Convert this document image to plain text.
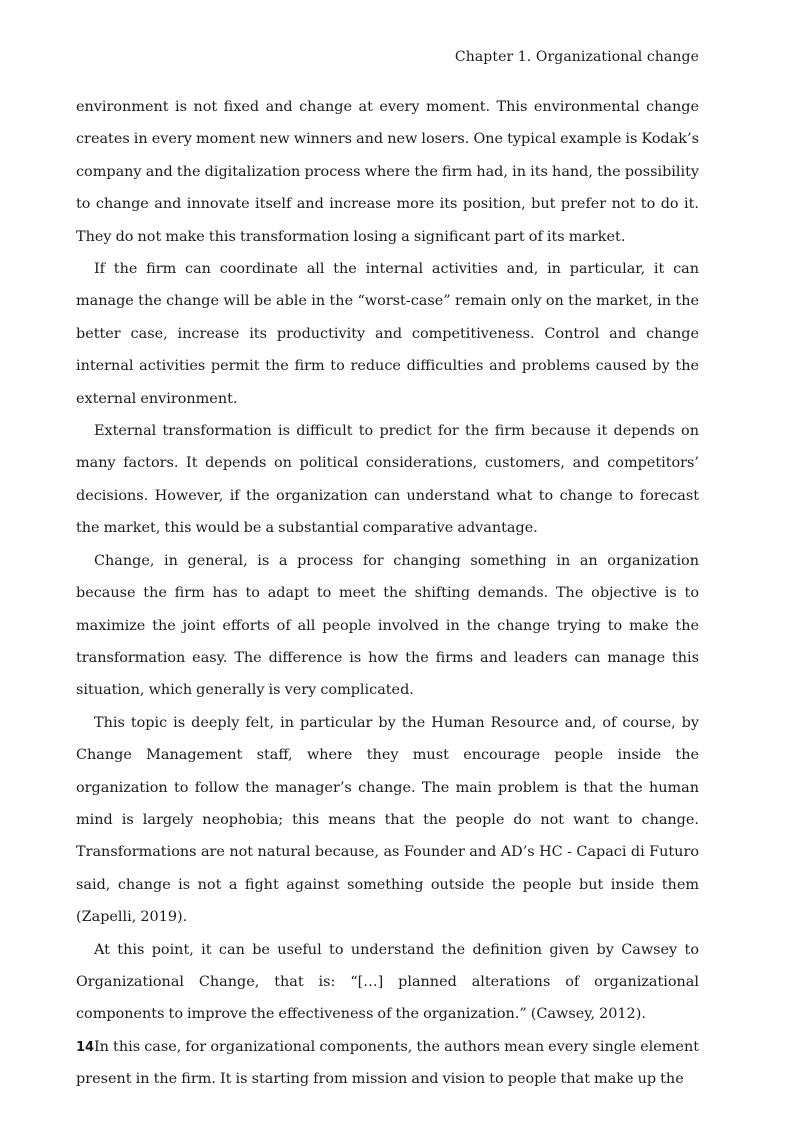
Chapter 1. Organizational change

environment is not fixed and change at every moment. This environmental change creates in every moment new winners and new losers. One typical example is Kodak’s company and the digitalization process where the firm had, in its hand, the possibility to change and innovate itself and increase more its position, but prefer not to do it. They do not make this transformation losing a significant part of its market.

If the firm can coordinate all the internal activities and, in particular, it can manage the change will be able in the “worst-case” remain only on the market, in the better case, increase its productivity and competitiveness. Control and change internal activities permit the firm to reduce difficulties and problems caused by the external environment.

External transformation is difficult to predict for the firm because it depends on many factors. It depends on political considerations, customers, and competitors’ decisions. However, if the organization can understand what to change to forecast the market, this would be a substantial comparative advantage.

Change, in general, is a process for changing something in an organization because the firm has to adapt to meet the shifting demands. The objective is to maximize the joint efforts of all people involved in the change trying to make the transformation easy. The difference is how the firms and leaders can manage this situation, which generally is very complicated.

This topic is deeply felt, in particular by the Human Resource and, of course, by Change Management staff, where they must encourage people inside the organization to follow the manager’s change. The main problem is that the human mind is largely neophobia; this means that the people do not want to change. Transformations are not natural because, as Founder and AD’s HC - Capaci di Futuro said, change is not a fight against something outside the people but inside them (Zapelli, 2019).

At this point, it can be useful to understand the definition given by Cawsey to Organizational Change, that is: “[…] planned alterations of organizational components to improve the effectiveness of the organization.” (Cawsey, 2012).

In this case, for organizational components, the authors mean every single element present in the firm. It is starting from mission and vision to people that make up the

14
